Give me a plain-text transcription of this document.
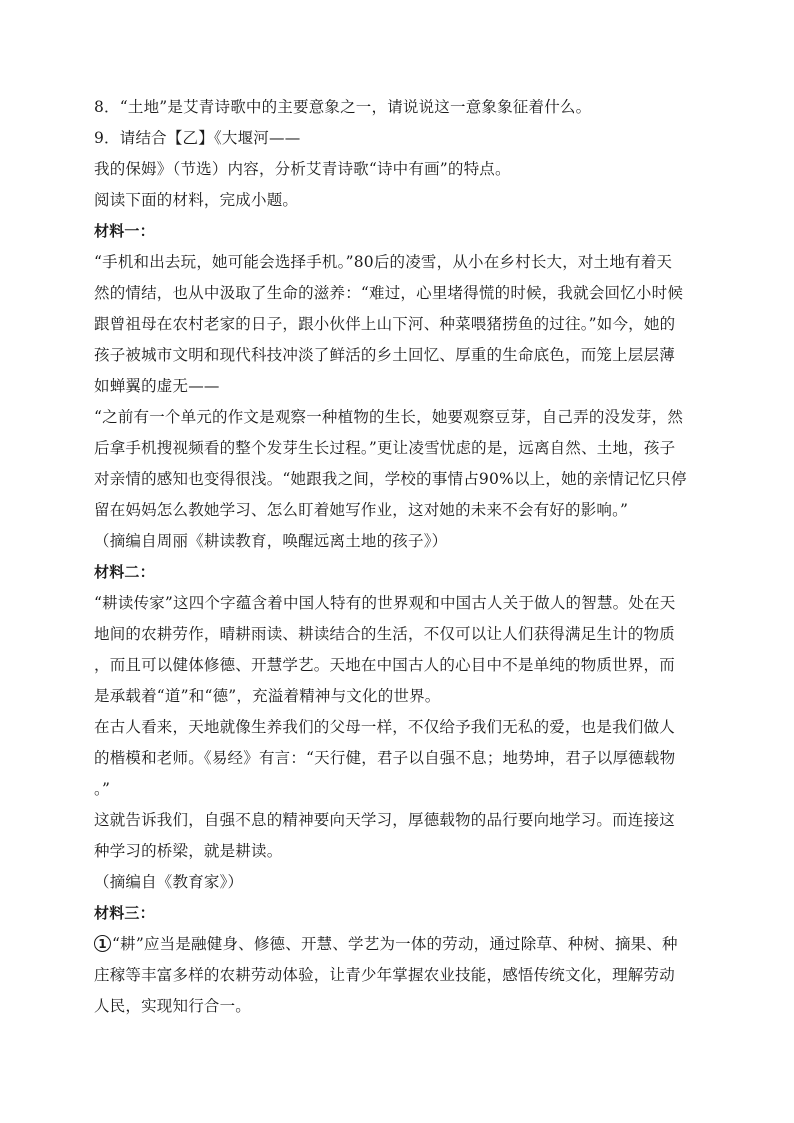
8．“土地”是艾青诗歌中的主要意象之一，请说说这一意象象征着什么。
9．请结合【乙】《大堰河——
我的保姆》（节选）内容，分析艾青诗歌“诗中有画”的特点。
阅读下面的材料，完成小题。
材料一：
“手机和出去玩，她可能会选择手机。”80后的凌雪，从小在乡村长大，对土地有着天
然的情结，也从中汲取了生命的滋养：“难过，心里堵得慌的时候，我就会回忆小时候
跟曾祖母在农村老家的日子，跟小伙伴上山下河、种菜喂猪捞鱼的过往。”如今，她的
孩子被城市文明和现代科技冲淡了鲜活的乡土回忆、厚重的生命底色，而笼上层层薄
如蝉翼的虚无——
“之前有一个单元的作文是观察一种植物的生长，她要观察豆芽，自己弄的没发芽，然
后拿手机搜视频看的整个发芽生长过程。”更让凌雪忧虑的是，远离自然、土地，孩子
对亲情的感知也变得很浅。“她跟我之间，学校的事情占90%以上，她的亲情记忆只停
留在妈妈怎么教她学习、怎么盯着她写作业，这对她的未来不会有好的影响。”
（摘编自周丽《耕读教育，唤醒远离土地的孩子》）
材料二：
“耕读传家”这四个字蕴含着中国人特有的世界观和中国古人关于做人的智慧。处在天
地间的农耕劳作，晴耕雨读、耕读结合的生活，不仅可以让人们获得满足生计的物质
，而且可以健体修德、开慧学艺。天地在中国古人的心目中不是单纯的物质世界，而
是承载着“道”和“德”，充溢着精神与文化的世界。
在古人看来，天地就像生养我们的父母一样，不仅给予我们无私的爱，也是我们做人
的楷模和老师。《易经》有言：“天行健，君子以自强不息；地势坤，君子以厚德载物
。”
这就告诉我们，自强不息的精神要向天学习，厚德载物的品行要向地学习。而连接这
种学习的桥梁，就是耕读。
（摘编自《教育家》）
材料三：
1 “耕”应当是融健身、修德、开慧、学艺为一体的劳动，通过除草、种树、摘果、种
庄稼等丰富多样的农耕劳动体验，让青少年掌握农业技能，感悟传统文化，理解劳动
人民，实现知行合一。
